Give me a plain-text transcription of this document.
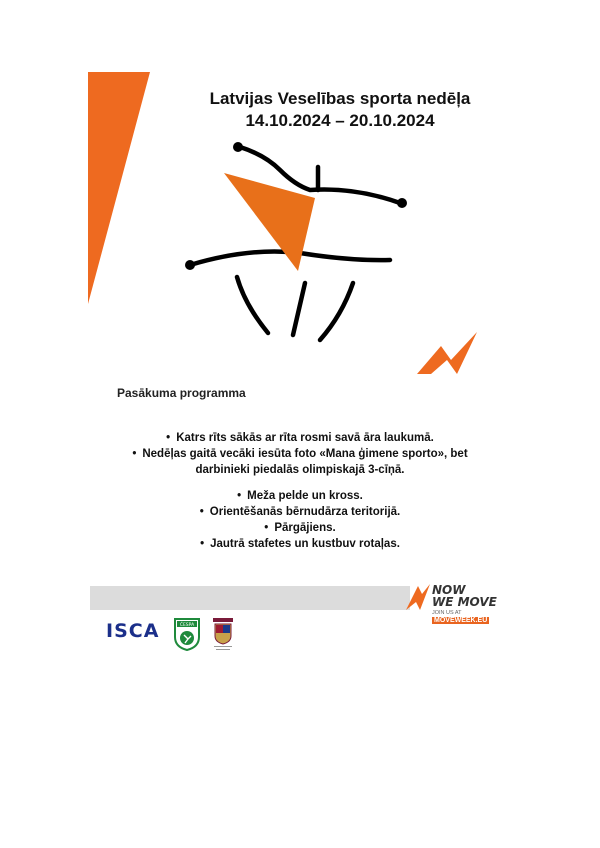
Latvijas Veselības sporta nedēļa
14.10.2024 – 20.10.2024
Pasākuma programma
• Katrs rīts sākās ar rīta rosmi savā āra laukumā.
• Nedēļas gaitā vecāki iesūta foto «Mana ģimene sporto», bet
darbinieki piedalās olimpiskajā 3-cīņā.
• Meža pelde un kross.
• Orientēšanās bērnudārza teritorijā.
• Pārgājiens.
• Jautrā stafetes un kustbuv rotaļas.
NOW
WE MOVE
JOIN US AT
MOVEWEEK.EU
ISCA	ČESPA
